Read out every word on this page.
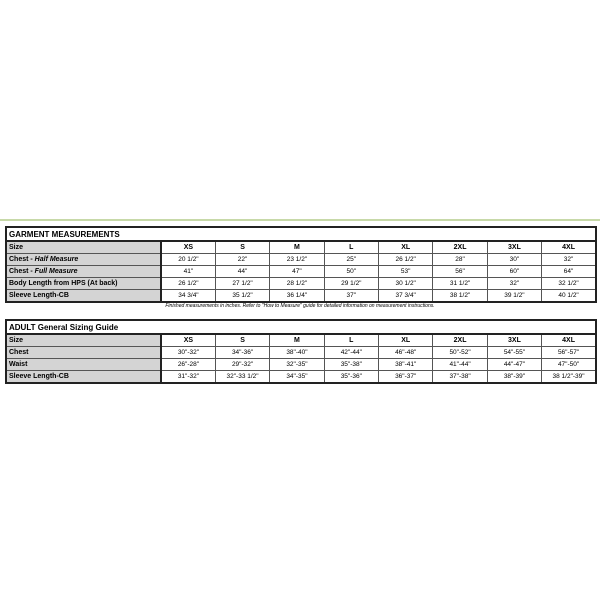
GARMENT MEASUREMENTS
Size	XS	S	M	L	XL	2XL	3XL	4XL
Chest - Half Measure	20 1/2"	22"	23 1/2"	25"	26 1/2"	28"	30"	32"
Chest - Full Measure	41"	44"	47"	50"	53"	56"	60"	64"
Body Length from HPS (At back)	26 1/2"	27 1/2"	28 1/2"	29 1/2"	30 1/2"	31 1/2"	32"	32 1/2"
Sleeve Length-CB	34 3/4"	35 1/2"	36 1/4"	37"	37 3/4"	38 1/2"	39 1/2"	40 1/2"
Finished measurements in inches. Refer to "How to Measure" guide for detailed information on measurement instructions.
ADULT General Sizing Guide
Size	XS	S	M	L	XL	2XL	3XL	4XL
Chest	30"-32"	34"-36"	38"-40"	42"-44"	46"-48"	50"-52"	54"-55"	56"-57"
Waist	26"-28"	29"-32"	32"-35"	35"-38"	38"-41"	41"-44"	44"-47"	47"-50"
Sleeve Length-CB	31"-32"	32"-33 1/2"	34"-35"	35"-36"	36"-37"	37"-38"	38"-39"	38 1/2"-39"
